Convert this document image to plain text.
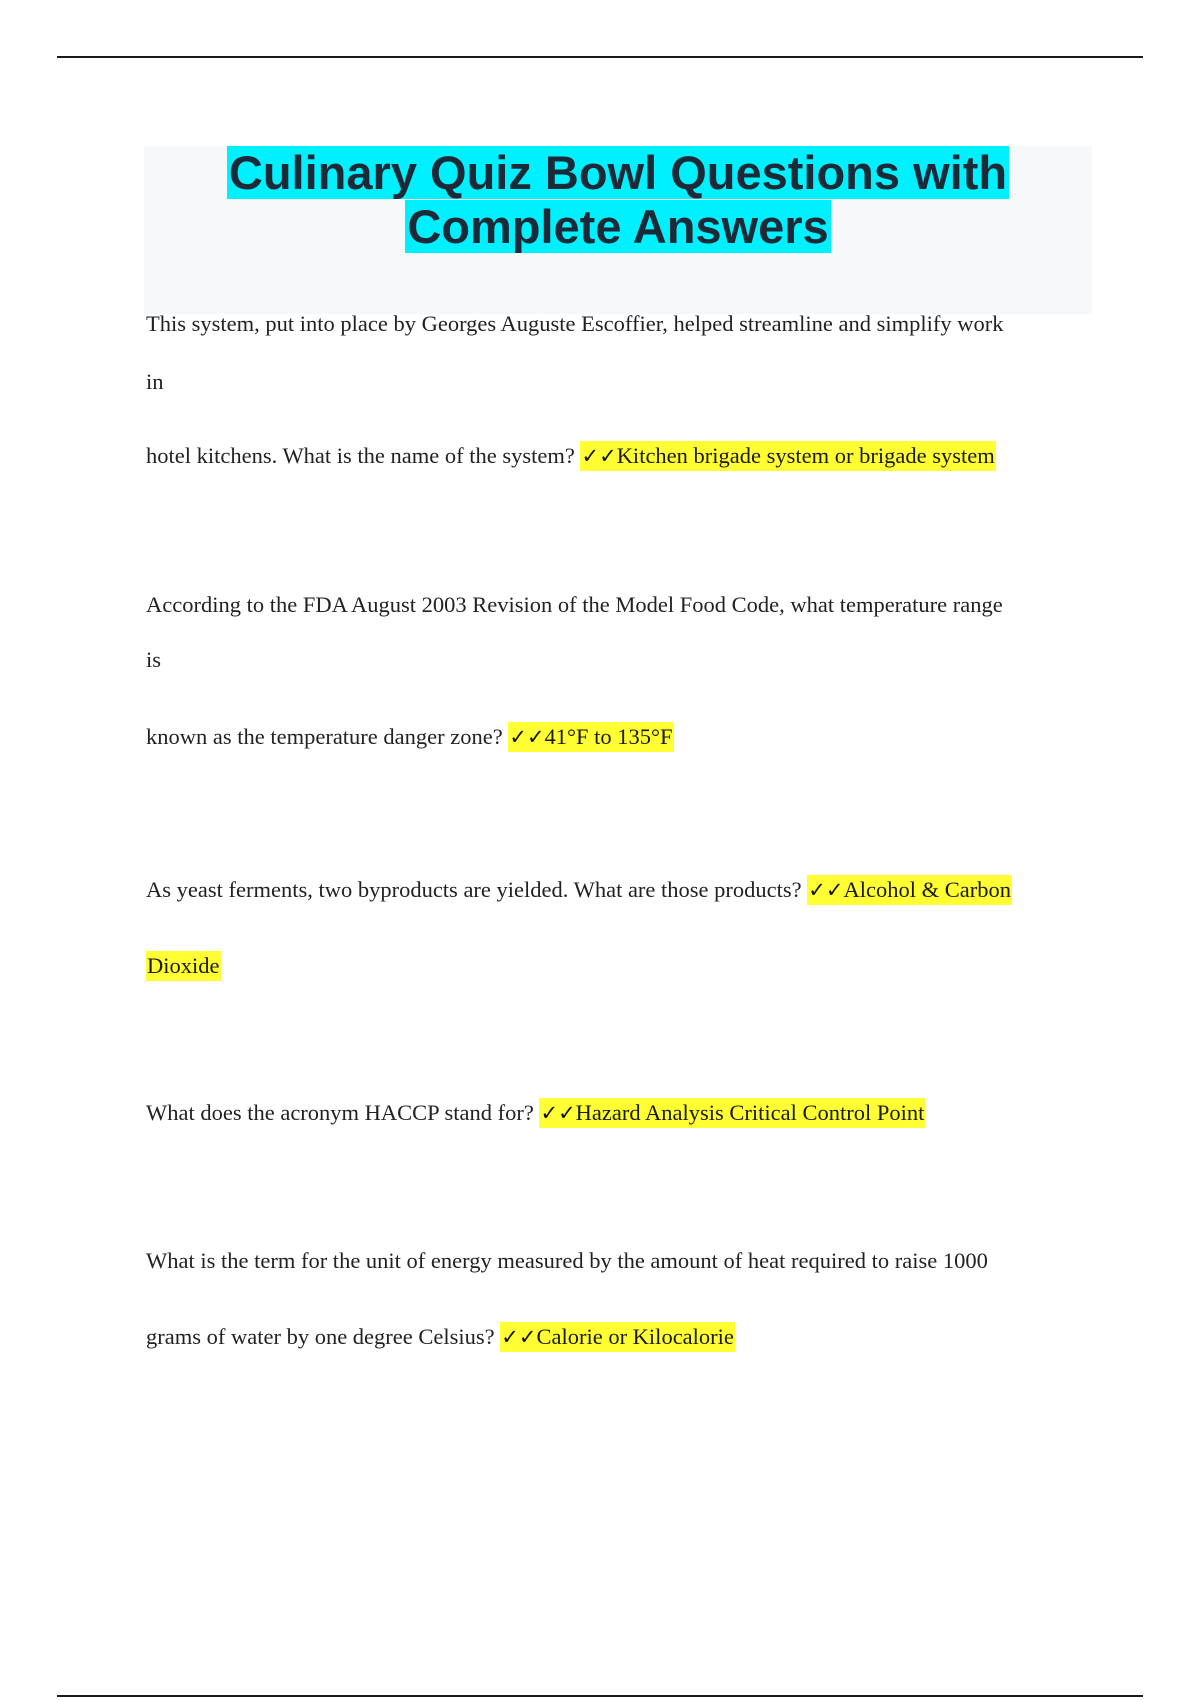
Culinary Quiz Bowl Questions with
Complete Answers
This system, put into place by Georges Auguste Escoffier, helped streamline and simplify work
in
hotel kitchens. What is the name of the system? ✓✓Kitchen brigade system or brigade system
According to the FDA August 2003 Revision of the Model Food Code, what temperature range
is
known as the temperature danger zone? ✓✓41°F to 135°F
As yeast ferments, two byproducts are yielded. What are those products? ✓✓Alcohol & Carbon
Dioxide
What does the acronym HACCP stand for? ✓✓Hazard Analysis Critical Control Point
What is the term for the unit of energy measured by the amount of heat required to raise 1000
grams of water by one degree Celsius? ✓✓Calorie or Kilocalorie
